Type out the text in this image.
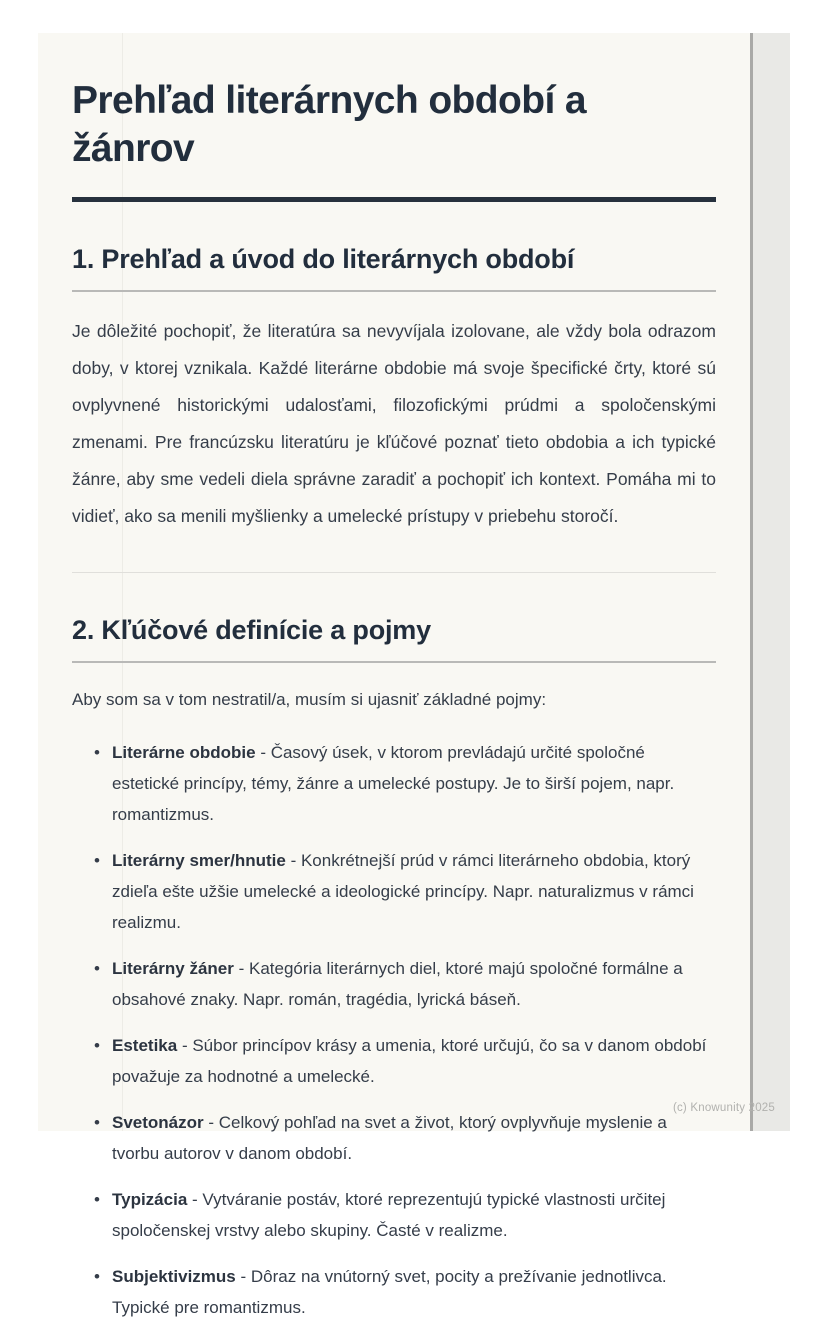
Prehľad literárnych období a žánrov
1. Prehľad a úvod do literárnych období

Je dôležité pochopiť, že literatúra sa nevyvíjala izolovane, ale vždy bola odrazom doby, v ktorej vznikala. Každé literárne obdobie má svoje špecifické črty, ktoré sú ovplyvnené historickými udalosťami, filozofickými prúdmi a spoločenskými zmenami. Pre francúzsku literatúru je kľúčové poznať tieto obdobia a ich typické žánre, aby sme vedeli diela správne zaradiť a pochopiť ich kontext. Pomáha mi to vidieť, ako sa menili myšlienky a umelecké prístupy v priebehu storočí.

2. Kľúčové definície a pojmy

Aby som sa v tom nestratil/a, musím si ujasniť základné pojmy:

• Literárne obdobie - Časový úsek, v ktorom prevládajú určité spoločné estetické princípy, témy, žánre a umelecké postupy. Je to širší pojem, napr. romantizmus.
• Literárny smer/hnutie - Konkrétnejší prúd v rámci literárneho obdobia, ktorý zdieľa ešte užšie umelecké a ideologické princípy. Napr. naturalizmus v rámci realizmu.
• Literárny žáner - Kategória literárnych diel, ktoré majú spoločné formálne a obsahové znaky. Napr. román, tragédia, lyrická báseň.
• Estetika - Súbor princípov krásy a umenia, ktoré určujú, čo sa v danom období považuje za hodnotné a umelecké.
• Svetonázor - Celkový pohľad na svet a život, ktorý ovplyvňuje myslenie a tvorbu autorov v danom období.
• Typizácia - Vytváranie postáv, ktoré reprezentujú typické vlastnosti určitej spoločenskej vrstvy alebo skupiny. Časté v realizme.
• Subjektivizmus - Dôraz na vnútorný svet, pocity a prežívanie jednotlivca. Typické pre romantizmus.
(c) Knowunity 2025
